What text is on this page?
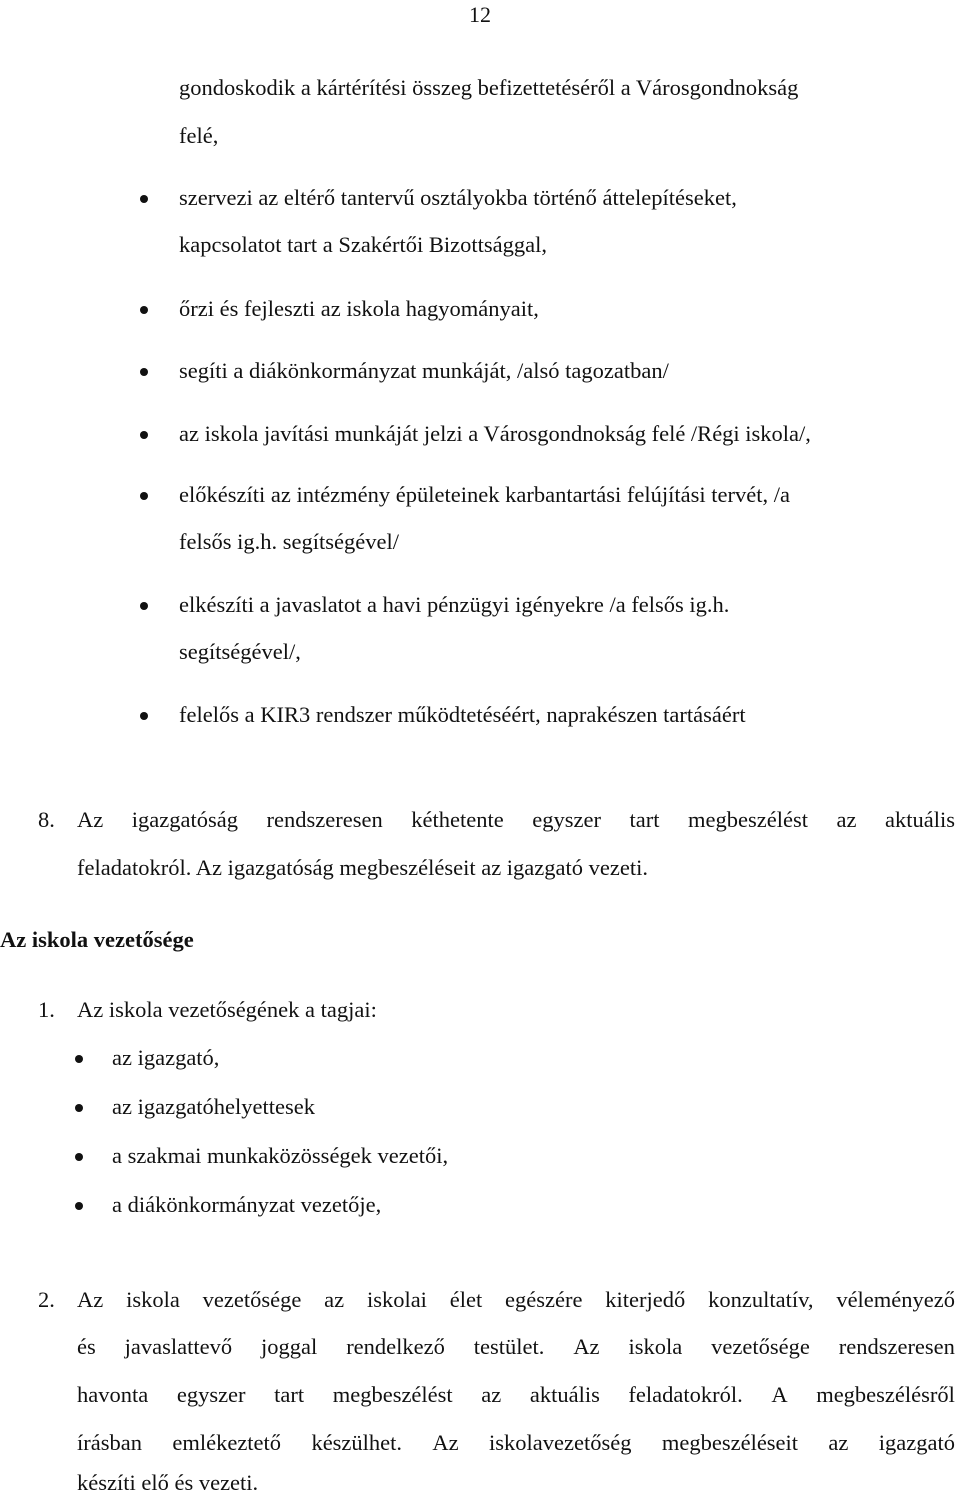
12
gondoskodik a kártérítési összeg befizettetéséről a Városgondnokság
felé,
szervezi az eltérő tantervű osztályokba történő áttelepítéseket,
kapcsolatot tart a Szakértői Bizottsággal,
őrzi és fejleszti az iskola hagyományait,
segíti a diákönkormányzat munkáját, /alsó tagozatban/
az iskola javítási munkáját jelzi a Városgondnokság felé /Régi iskola/,
előkészíti az intézmény épületeinek karbantartási felújítási tervét, /a
felsős ig.h. segítségével/
elkészíti a javaslatot a havi pénzügyi igényekre /a felsős ig.h.
segítségével/,
felelős a KIR3 rendszer működtetéséért, naprakészen tartásáért
8. Az igazgatóság rendszeresen kéthetente egyszer tart megbeszélést az aktuális
feladatokról. Az igazgatóság megbeszéléseit az igazgató vezeti.
Az iskola vezetősége
1. Az iskola vezetőségének a tagjai:
az igazgató,
az igazgatóhelyettesek
a szakmai munkaközösségek vezetői,
a diákönkormányzat vezetője,
2. Az iskola vezetősége az iskolai élet egészére kiterjedő konzultatív, véleményező
és javaslattevő joggal rendelkező testület. Az iskola vezetősége rendszeresen
havonta egyszer tart megbeszélést az aktuális feladatokról. A megbeszélésről
írásban emlékeztető készülhet. Az iskolavezetőség megbeszéléseit az igazgató
készíti elő és vezeti.
